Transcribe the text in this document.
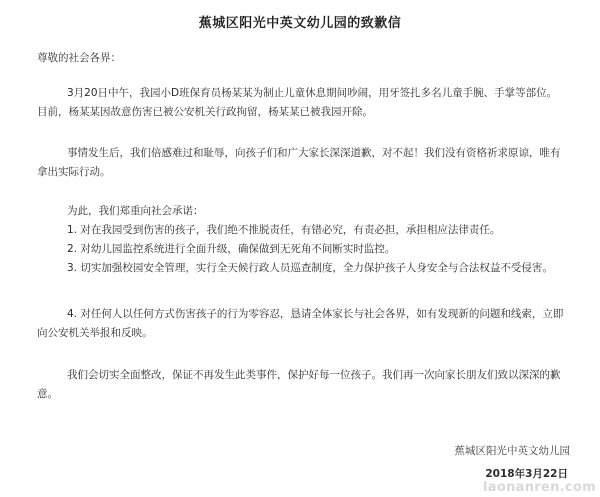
蕉城区阳光中英文幼儿园的致歉信
尊敬的社会各界：

3月20日中午，我园小D班保育员杨某某为制止儿童休息期间吵闹，用牙签扎多名儿童手腕、手掌等部位。目前，杨某某因故意伤害已被公安机关行政拘留，杨某某已被我园开除。

事情发生后，我们倍感难过和耻辱，向孩子们和广大家长深深道歉，对不起！我们没有资格祈求原谅，唯有拿出实际行动。

为此，我们郑重向社会承诺：

1. 对在我园受到伤害的孩子，我们绝不推脱责任，有错必究，有责必担，承担相应法律责任。

2. 对幼儿园监控系统进行全面升级，确保做到无死角不间断实时监控。

3. 切实加强校园安全管理，实行全天候行政人员巡查制度，全力保护孩子人身安全与合法权益不受侵害。

4. 对任何人以任何方式伤害孩子的行为零容忍，恳请全体家长与社会各界，如有发现新的问题和线索，立即向公安机关举报和反映。

我们会切实全面整改，保证不再发生此类事件，保护好每一位孩子。我们再一次向家长朋友们致以深深的歉意。

蕉城区阳光中英文幼儿园
2018年3月22日
laonanren.com
